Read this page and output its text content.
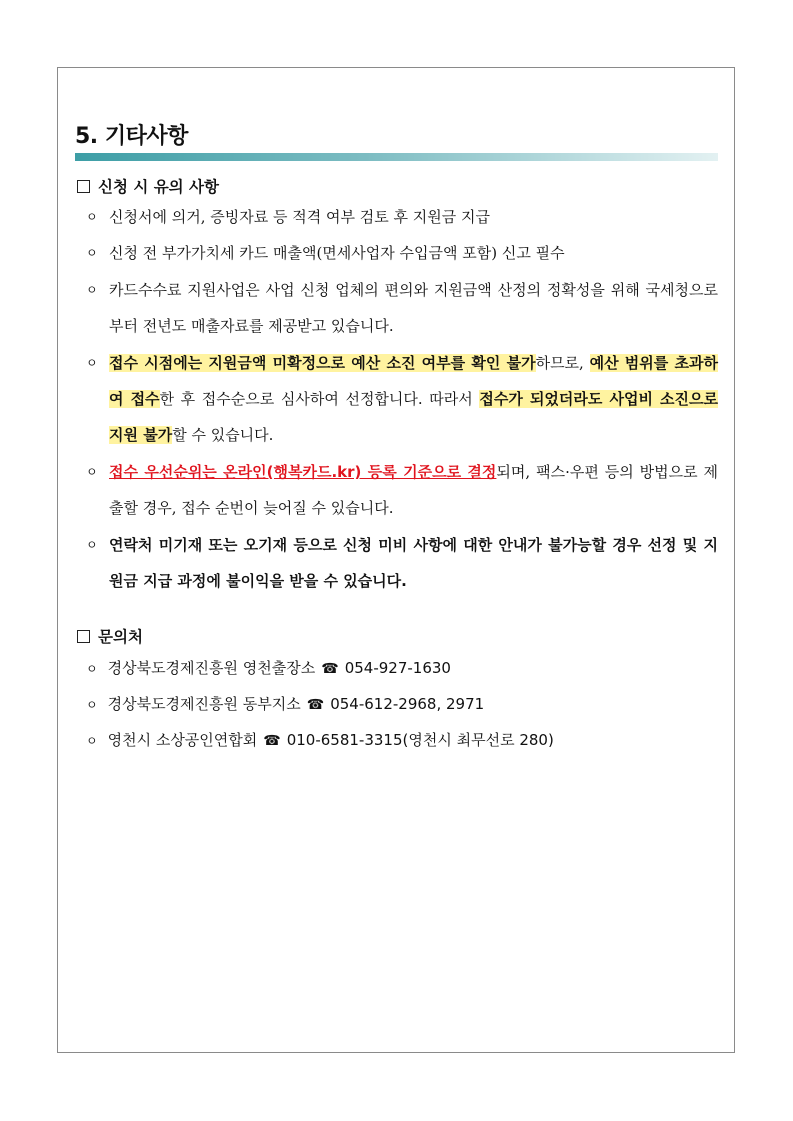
5. 기타사항
신청 시 유의 사항
ㅇ 신청서에 의거, 증빙자료 등 적격 여부 검토 후 지원금 지급
ㅇ 신청 전 부가가치세 카드 매출액(면세사업자 수입금액 포함) 신고 필수
ㅇ 카드수수료 지원사업은 사업 신청 업체의 편의와 지원금액 산정의 정확성을 위해 국세청으로부터 전년도 매출자료를 제공받고 있습니다.
ㅇ 접수 시점에는 지원금액 미확정으로 예산 소진 여부를 확인 불가하므로, 예산 범위를 초과하여 접수한 후 접수순으로 심사하여 선정합니다. 따라서 접수가 되었더라도 사업비 소진으로 지원 불가할 수 있습니다.
ㅇ 접수 우선순위는 온라인(행복카드.kr) 등록 기준으로 결정되며, 팩스·우편 등의 방법으로 제출할 경우, 접수 순번이 늦어질 수 있습니다.
ㅇ 연락처 미기재 또는 오기재 등으로 신청 미비 사항에 대한 안내가 불가능할 경우 선정 및 지원금 지급 과정에 불이익을 받을 수 있습니다.
문의처
ㅇ 경상북도경제진흥원 영천출장소 ☎ 054-927-1630
ㅇ 경상북도경제진흥원 동부지소 ☎ 054-612-2968, 2971
ㅇ 영천시 소상공인연합회 ☎ 010-6581-3315(영천시 최무선로 280)
